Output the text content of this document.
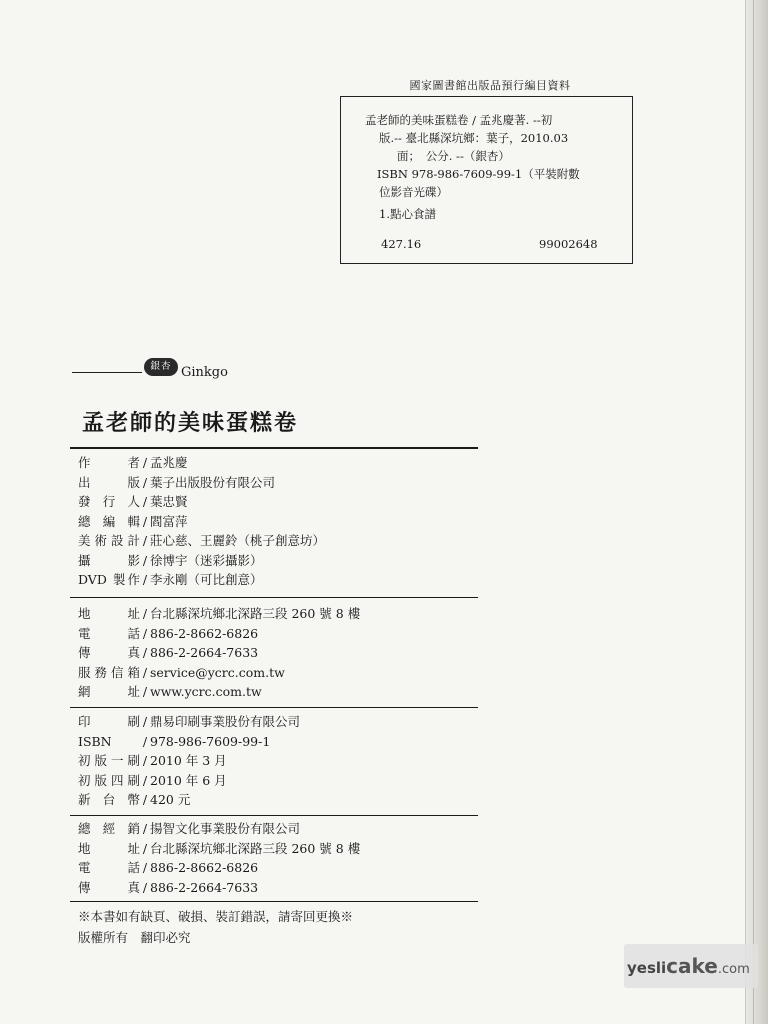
國家圖書館出版品預行編目資料
孟老師的美味蛋糕卷 / 孟兆慶著. --初
版.-- 臺北縣深坑鄉：葉子，2010.03
面；　公分. --（銀杏）
ISBN 978-986-7609-99-1（平裝附數
位影音光碟）
1.點心食譜
427.16	99002648
銀杏 Ginkgo
孟老師的美味蛋糕卷
作　　者 / 孟兆慶
出　　版 / 葉子出版股份有限公司
發 行 人 / 葉忠賢
總 編 輯 / 閻富萍
美術設計 / 莊心慈、王麗鈴（桃子創意坊）
攝　　影 / 徐博宇（迷彩攝影）
DVD 製作 / 李永剛（可比創意）
地　　址 / 台北縣深坑鄉北深路三段 260 號 8 樓
電　　話 / 886-2-8662-6826
傳　　真 / 886-2-2664-7633
服務信箱 / service@ycrc.com.tw
網　　址 / www.ycrc.com.tw
印　　刷 / 鼎易印刷事業股份有限公司
ISBN	/ 978-986-7609-99-1
初版一刷 / 2010 年 3 月
初版四刷 / 2010 年 6 月
新 台 幣 / 420 元
總 經 銷 / 揚智文化事業股份有限公司
地　　址 / 台北縣深坑鄉北深路三段 260 號 8 樓
電　　話 / 886-2-8662-6826
傳　　真 / 886-2-2664-7633
※本書如有缺頁、破損、裝訂錯誤，請寄回更換※
版權所有　翻印必究
yeslicake.com
